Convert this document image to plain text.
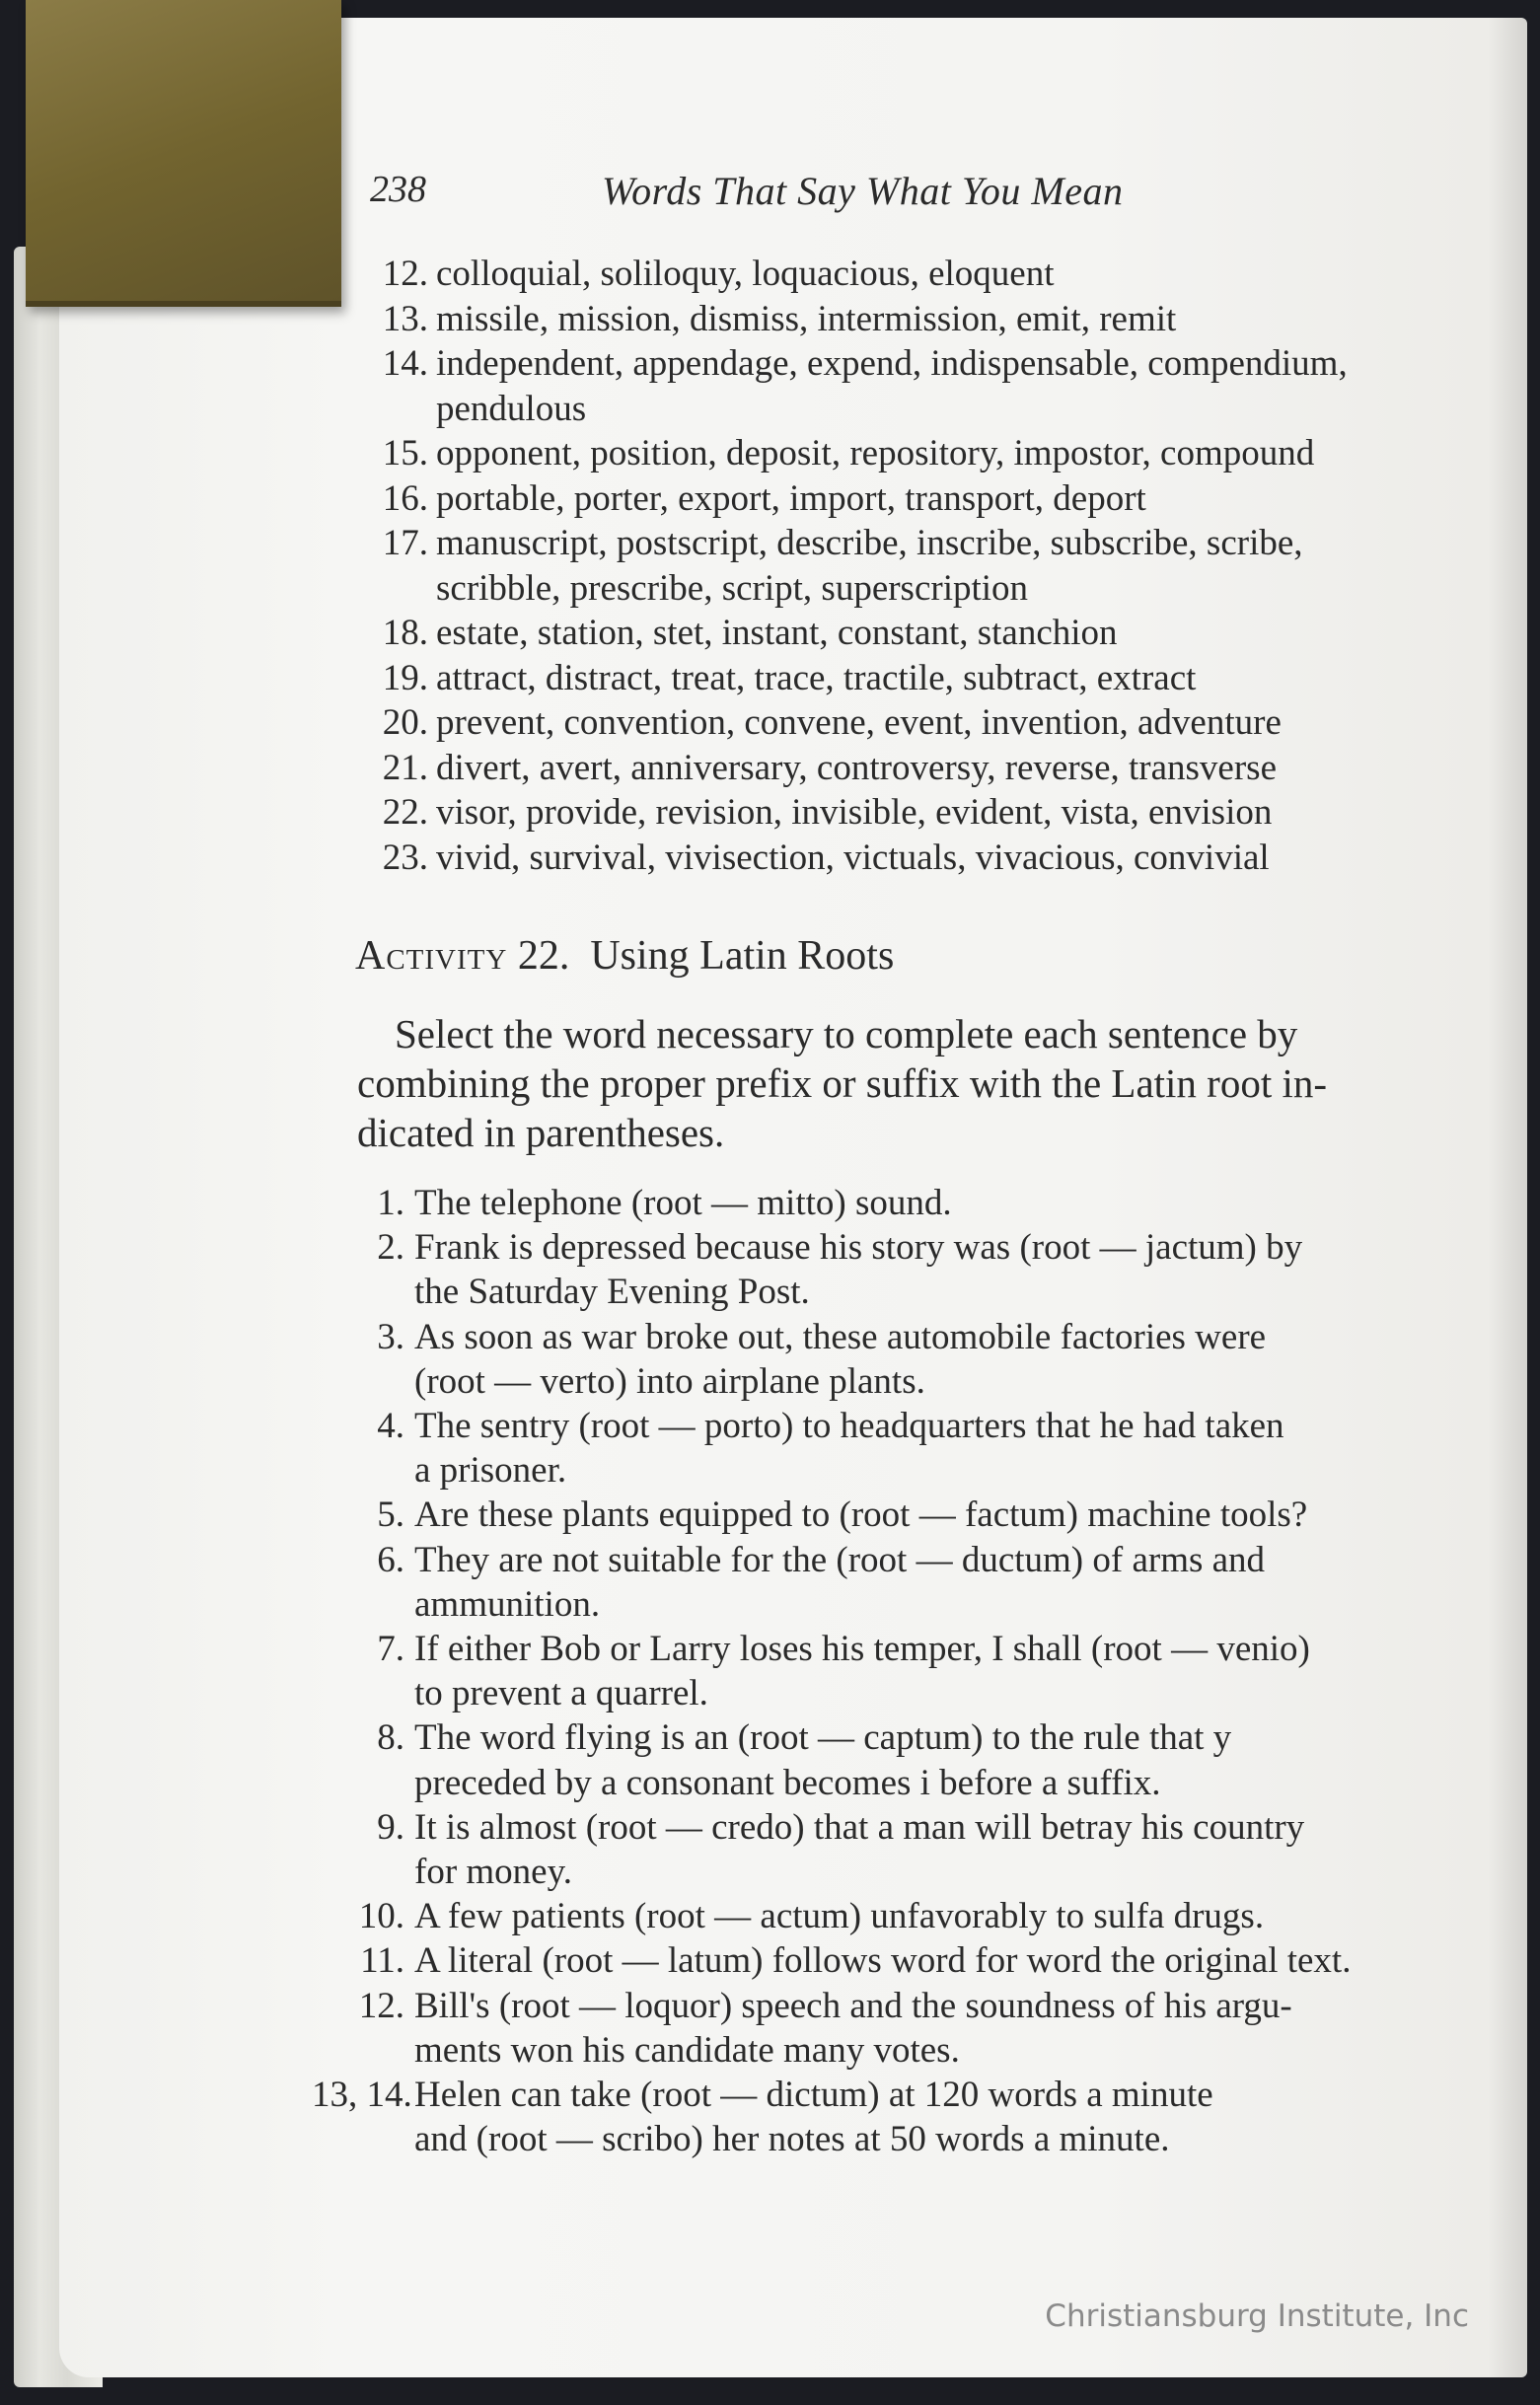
238	Words That Say What You Mean
12. colloquial, soliloquy, loquacious, eloquent
13. missile, mission, dismiss, intermission, emit, remit
14. independent, appendage, expend, indispensable, compendium,
pendulous
15. opponent, position, deposit, repository, impostor, compound
16. portable, porter, export, import, transport, deport
17. manuscript, postscript, describe, inscribe, subscribe, scribe,
scribble, prescribe, script, superscription
18. estate, station, stet, instant, constant, stanchion
19. attract, distract, treat, trace, tractile, subtract, extract
20. prevent, convention, convene, event, invention, adventure
21. divert, avert, anniversary, controversy, reverse, transverse
22. visor, provide, revision, invisible, evident, vista, envision
23. vivid, survival, vivisection, victuals, vivacious, convivial
Activity 22. Using Latin Roots
Select the word necessary to complete each sentence by
combining the proper prefix or suffix with the Latin root in-
dicated in parentheses.
1. The telephone (root — mitto) sound.
2. Frank is depressed because his story was (root — jactum) by
the Saturday Evening Post.
3. As soon as war broke out, these automobile factories were
(root — verto) into airplane plants.
4. The sentry (root — porto) to headquarters that he had taken
a prisoner.
5. Are these plants equipped to (root — factum) machine tools?
6. They are not suitable for the (root — ductum) of arms and
ammunition.
7. If either Bob or Larry loses his temper, I shall (root — venio)
to prevent a quarrel.
8. The word flying is an (root — captum) to the rule that y
preceded by a consonant becomes i before a suffix.
9. It is almost (root — credo) that a man will betray his country
for money.
10. A few patients (root — actum) unfavorably to sulfa drugs.
11. A literal (root — latum) follows word for word the original text.
12. Bill's (root — loquor) speech and the soundness of his argu-
ments won his candidate many votes.
13, 14. Helen can take (root — dictum) at 120 words a minute
and (root — scribo) her notes at 50 words a minute.
Christiansburg Institute, Inc
